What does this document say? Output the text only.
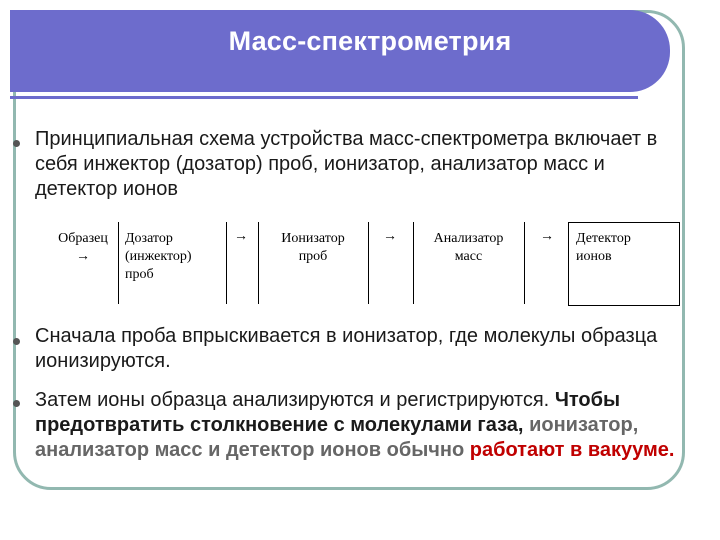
Масс-спектрометрия
Принципиальная схема устройства масс-спектрометра включает в себя инжектор (дозатор) проб, ионизатор, анализатор масс и детектор ионов
Образец
→
Дозатор
(инжектор)
проб
→	Ионизатор
проб
→	Анализатор
масс
→ Детектор
ионов
Сначала проба впрыскивается в ионизатор, где молекулы образца ионизируются.
Затем ионы образца анализируются и регистрируются. Чтобы предотвратить столкновение с молекулами газа, ионизатор, анализатор масс и детектор ионов обычно работают в вакууме.
